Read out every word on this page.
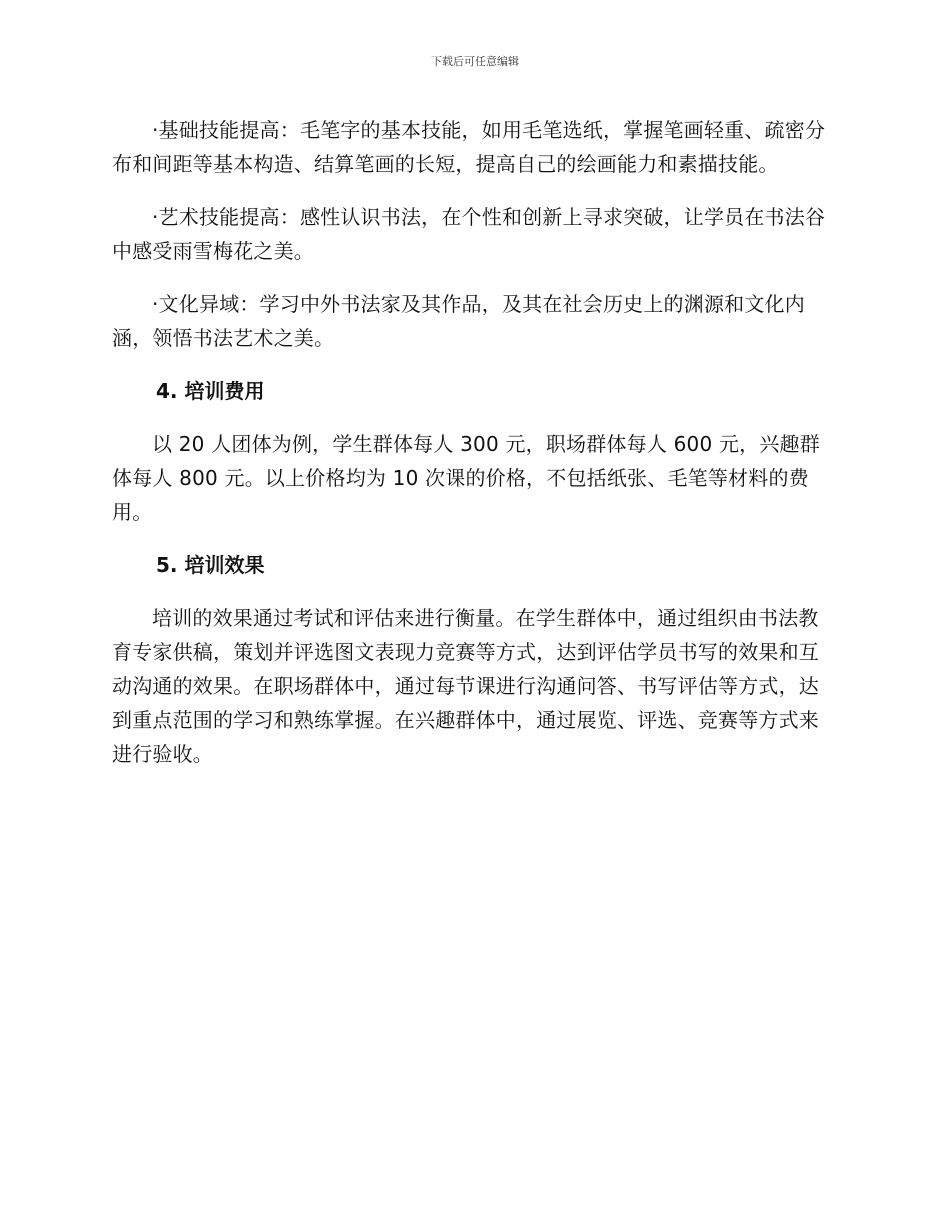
下载后可任意编辑

·基础技能提高：毛笔字的基本技能，如用毛笔选纸，掌握笔画轻重、疏密分布和间距等基本构造、结算笔画的长短，提高自己的绘画能力和素描技能。

·艺术技能提高：感性认识书法，在个性和创新上寻求突破，让学员在书法谷中感受雨雪梅花之美。

·文化异域：学习中外书法家及其作品，及其在社会历史上的渊源和文化内涵，领悟书法艺术之美。

4. 培训费用

以 20 人团体为例，学生群体每人 300 元，职场群体每人 600 元，兴趣群体每人 800 元。以上价格均为 10 次课的价格，不包括纸张、毛笔等材料的费用。

5. 培训效果

培训的效果通过考试和评估来进行衡量。在学生群体中，通过组织由书法教育专家供稿，策划并评选图文表现力竞赛等方式，达到评估学员书写的效果和互动沟通的效果。在职场群体中，通过每节课进行沟通问答、书写评估等方式，达到重点范围的学习和熟练掌握。在兴趣群体中，通过展览、评选、竞赛等方式来进行验收。
